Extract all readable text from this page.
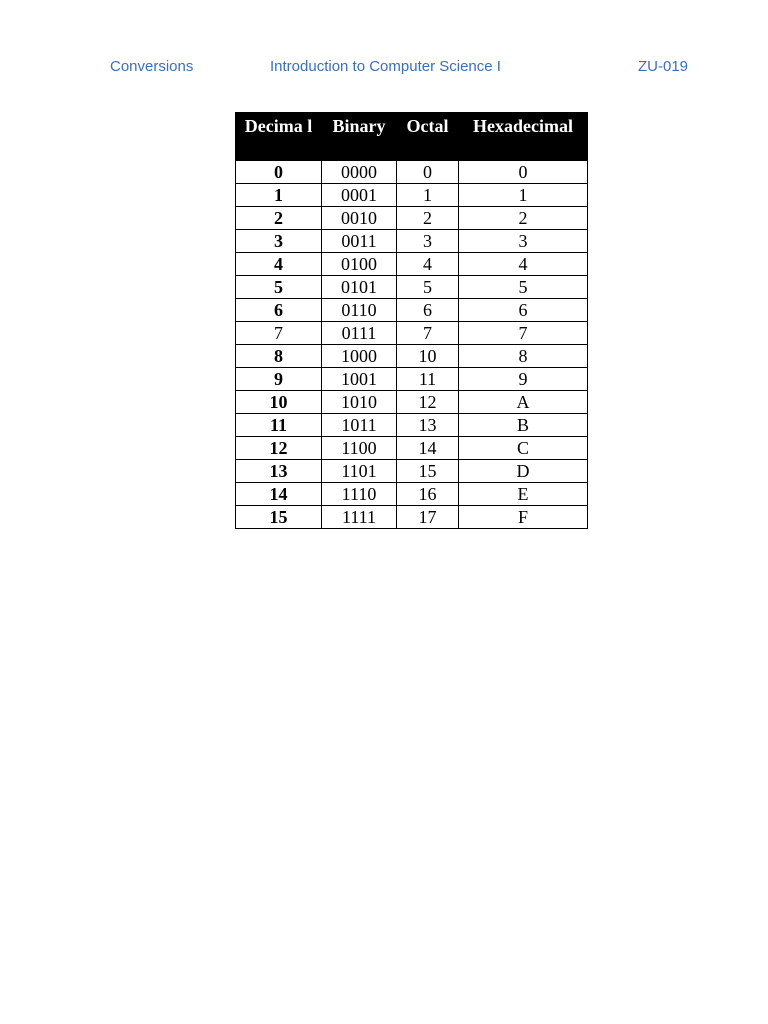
Conversions	Introduction to Computer Science I	ZU-019
Decima l	Binary	Octal	Hexadecimal
0	0000	0	0
1	0001	1	1
2	0010	2	2
3	0011	3	3
4	0100	4	4
5	0101	5	5
6	0110	6	6
7	0111	7	7
8	1000	10	8
9	1001	11	9
10	1010	12	A
11	1011	13	B
12	1100	14	C
13	1101	15	D
14	1110	16	E
15	1111	17	F
